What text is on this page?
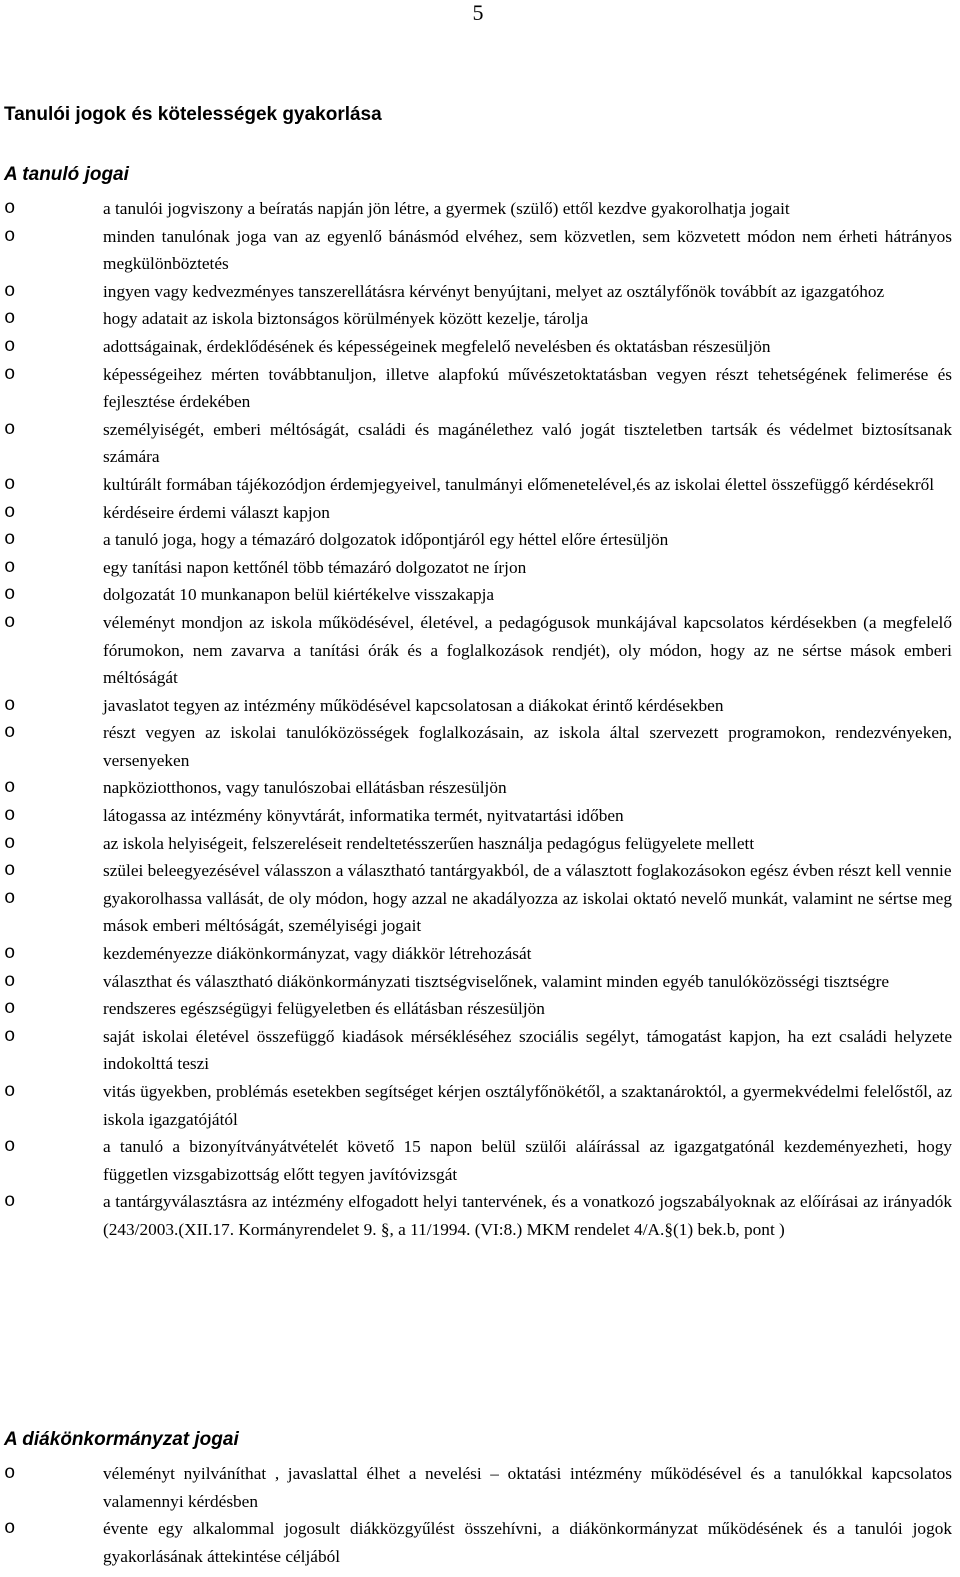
5
Tanulói jogok és kötelességek gyakorlása
A tanuló jogai
o	a tanulói jogviszony a beíratás napján jön létre, a gyermek (szülő) ettől kezdve gyakorolhatja jogait
o	minden tanulónak joga van az egyenlő bánásmód elvéhez, sem közvetlen, sem közvetett módon nem érheti hátrányos megkülönböztetés
o	ingyen vagy kedvezményes tanszerellátásra kérvényt benyújtani, melyet az osztályfőnök továbbít az igazgatóhoz
o	hogy adatait az iskola biztonságos körülmények között kezelje, tárolja
o	adottságainak, érdeklődésének és képességeinek megfelelő nevelésben és oktatásban részesüljön
o	képességeihez mérten továbbtanuljon, illetve alapfokú művészetoktatásban vegyen részt tehetségének felimerése és fejlesztése érdekében
o	személyiségét, emberi méltóságát, családi és magánélethez való jogát tiszteletben tartsák és védelmet biztosítsanak számára
o	kultúrált formában tájékozódjon érdemjegyeivel, tanulmányi előmenetelével,és az iskolai élettel összefüggő kérdésekről
o	kérdéseire érdemi választ kapjon
o	a tanuló joga, hogy a témazáró dolgozatok időpontjáról egy héttel előre értesüljön
o	egy tanítási napon kettőnél több témazáró dolgozatot ne írjon
o	dolgozatát 10 munkanapon belül kiértékelve visszakapja
o	véleményt mondjon az iskola működésével, életével, a pedagógusok munkájával kapcsolatos kérdésekben (a megfelelő fórumokon, nem zavarva a tanítási órák és a foglalkozások rendjét), oly módon, hogy az ne sértse mások emberi méltóságát
o	javaslatot tegyen az intézmény működésével kapcsolatosan a diákokat érintő kérdésekben
o	részt vegyen az iskolai tanulóközösségek foglalkozásain, az iskola által szervezett programokon, rendezvényeken, versenyeken
o	napköziotthonos, vagy tanulószobai ellátásban részesüljön
o	látogassa az intézmény könyvtárát, informatika termét, nyitvatartási időben
o	az iskola helyiségeit, felszereléseit rendeltetésszerűen használja pedagógus felügyelete mellett
o	szülei beleegyezésével válasszon a választható tantárgyakból, de a választott foglakozásokon egész évben részt kell vennie
o	gyakorolhassa vallását, de oly módon, hogy azzal ne akadályozza az iskolai oktató nevelő munkát, valamint ne sértse meg mások emberi méltóságát, személyiségi jogait
o	kezdeményezze diákönkormányzat, vagy diákkör létrehozását
o	választhat és választható diákönkormányzati tisztségviselőnek, valamint minden egyéb tanulóközösségi tisztségre
o	rendszeres egészségügyi felügyeletben és ellátásban részesüljön
o	saját iskolai életével összefüggő kiadások mérsékléséhez szociális segélyt, támogatást kapjon, ha ezt családi helyzete indokolttá teszi
o	vitás ügyekben, problémás esetekben segítséget kérjen osztályfőnökétől, a szaktanároktól, a gyermekvédelmi felelőstől, az iskola igazgatójától
o	a tanuló a bizonyítványátvételét követő 15 napon belül szülői aláírással az igazgatgatónál kezdeményezheti, hogy független vizsgabizottság előtt tegyen javítóvizsgát
o	a tantárgyválasztásra az intézmény elfogadott helyi tantervének, és a vonatkozó jogszabályoknak az előírásai az irányadók (243/2003.(XII.17. Kormányrendelet 9. §, a 11/1994. (VI:8.) MKM rendelet 4/A.§(1) bek.b, pont )
A diákönkormányzat jogai
o	véleményt nyilváníthat , javaslattal élhet a nevelési – oktatási intézmény működésével és a tanulókkal kapcsolatos valamennyi kérdésben
o	évente egy alkalommal jogosult diákközgyűlést összehívni, a diákönkormányzat működésének és a tanulói jogok gyakorlásának áttekintése céljából
